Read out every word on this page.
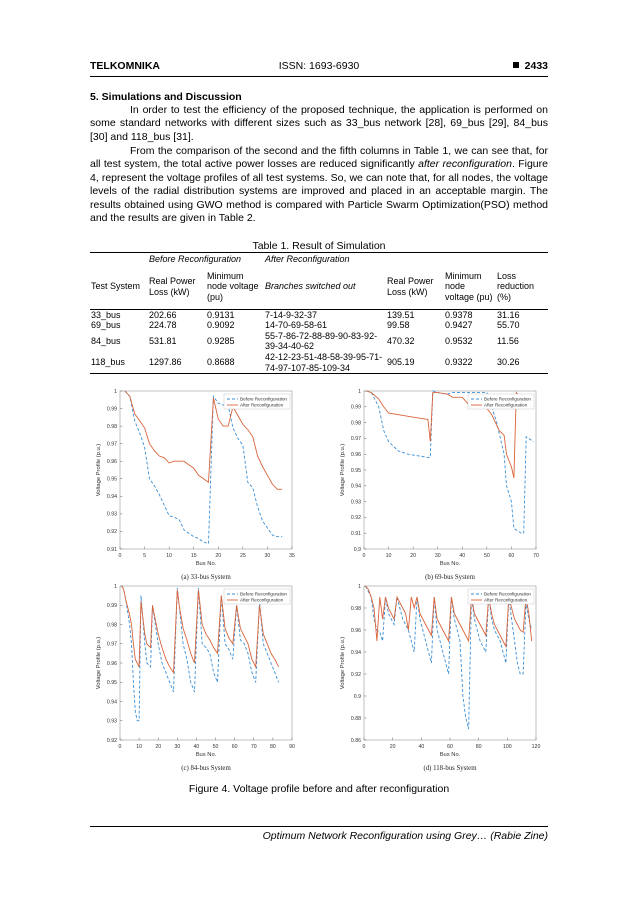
TELKOMNIKA	ISSN: 1693-6930	2433
5. Simulations and Discussion

In order to test the efficiency of the proposed technique, the application is performed on some standard networks with different sizes such as 33_bus network [28], 69_bus [29], 84_bus [30] and 118_bus [31].

From the comparison of the second and the fifth columns in Table 1, we can see that, for all test system, the total active power losses are reduced significantly after reconfiguration. Figure 4, represent the voltage profiles of all test systems. So, we can note that, for all nodes, the voltage levels of the radial distribution systems are improved and placed in an acceptable margin. The results obtained using GWO method is compared with Particle Swarm Optimization(PSO) method and the results are given in Table 2.

Table 1. Result of Simulation
	Before Reconfiguration		After Reconfiguration			
Test System	Real Power Loss (kW)	Minimum node voltage (pu)	Branches switched out	Real Power Loss (kW)	Minimum node voltage (pu)	Loss reduction (%)
33_bus	202.66	0.9131	7-14-9-32-37	139.51	0.9378	31.16
69_bus	224.78	0.9092	14-70-69-58-61	99.58	0.9427	55.70
84_bus	531.81	0.9285	55-7-86-72-88-89-90-83-92-39-34-40-62	470.32	0.9532	11.56
118_bus	1297.86	0.8688	42-12-23-51-48-58-39-95-71-74-97-107-85-109-34	905.19	0.9322	30.26
0	5	10	15	20	25	30	35
0.91
0.92
0.93
0.94
0.95
0.96
0.97
0.98
0.99
1
Bus No.
Voltage Profile (p.u.)
Before Reconfiguration
After Reconfiguration
(a) 33-bus System
0	10	20	30	40	50	60	70
0.9
0.91
0.92
0.93
0.94
0.95
0.96
0.97
0.98
0.99
1
Bus No.
Voltage Profile (p.u.)
Before Reconfiguration
After Reconfiguration
(b) 69-bus System
0	10	20	30	40	50	60	70	80	90
0.92
0.93
0.94
0.95
0.96
0.97
0.98
0.99
1
Bus No.
Voltage Profile (p.u.)
Before Reconfiguration
After Reconfiguration
(c) 84-bus System
0	20	40	60	80	100	120
0.86
0.88
0.9
0.92
0.94
0.96
0.98
1
Bus No.
Voltage Profile (p.u.)
Before Reconfiguration
After Reconfiguration
(d) 118-bus System
Figure 4. Voltage profile before and after reconfiguration
Optimum Network Reconfiguration using Grey… (Rabie Zine)
